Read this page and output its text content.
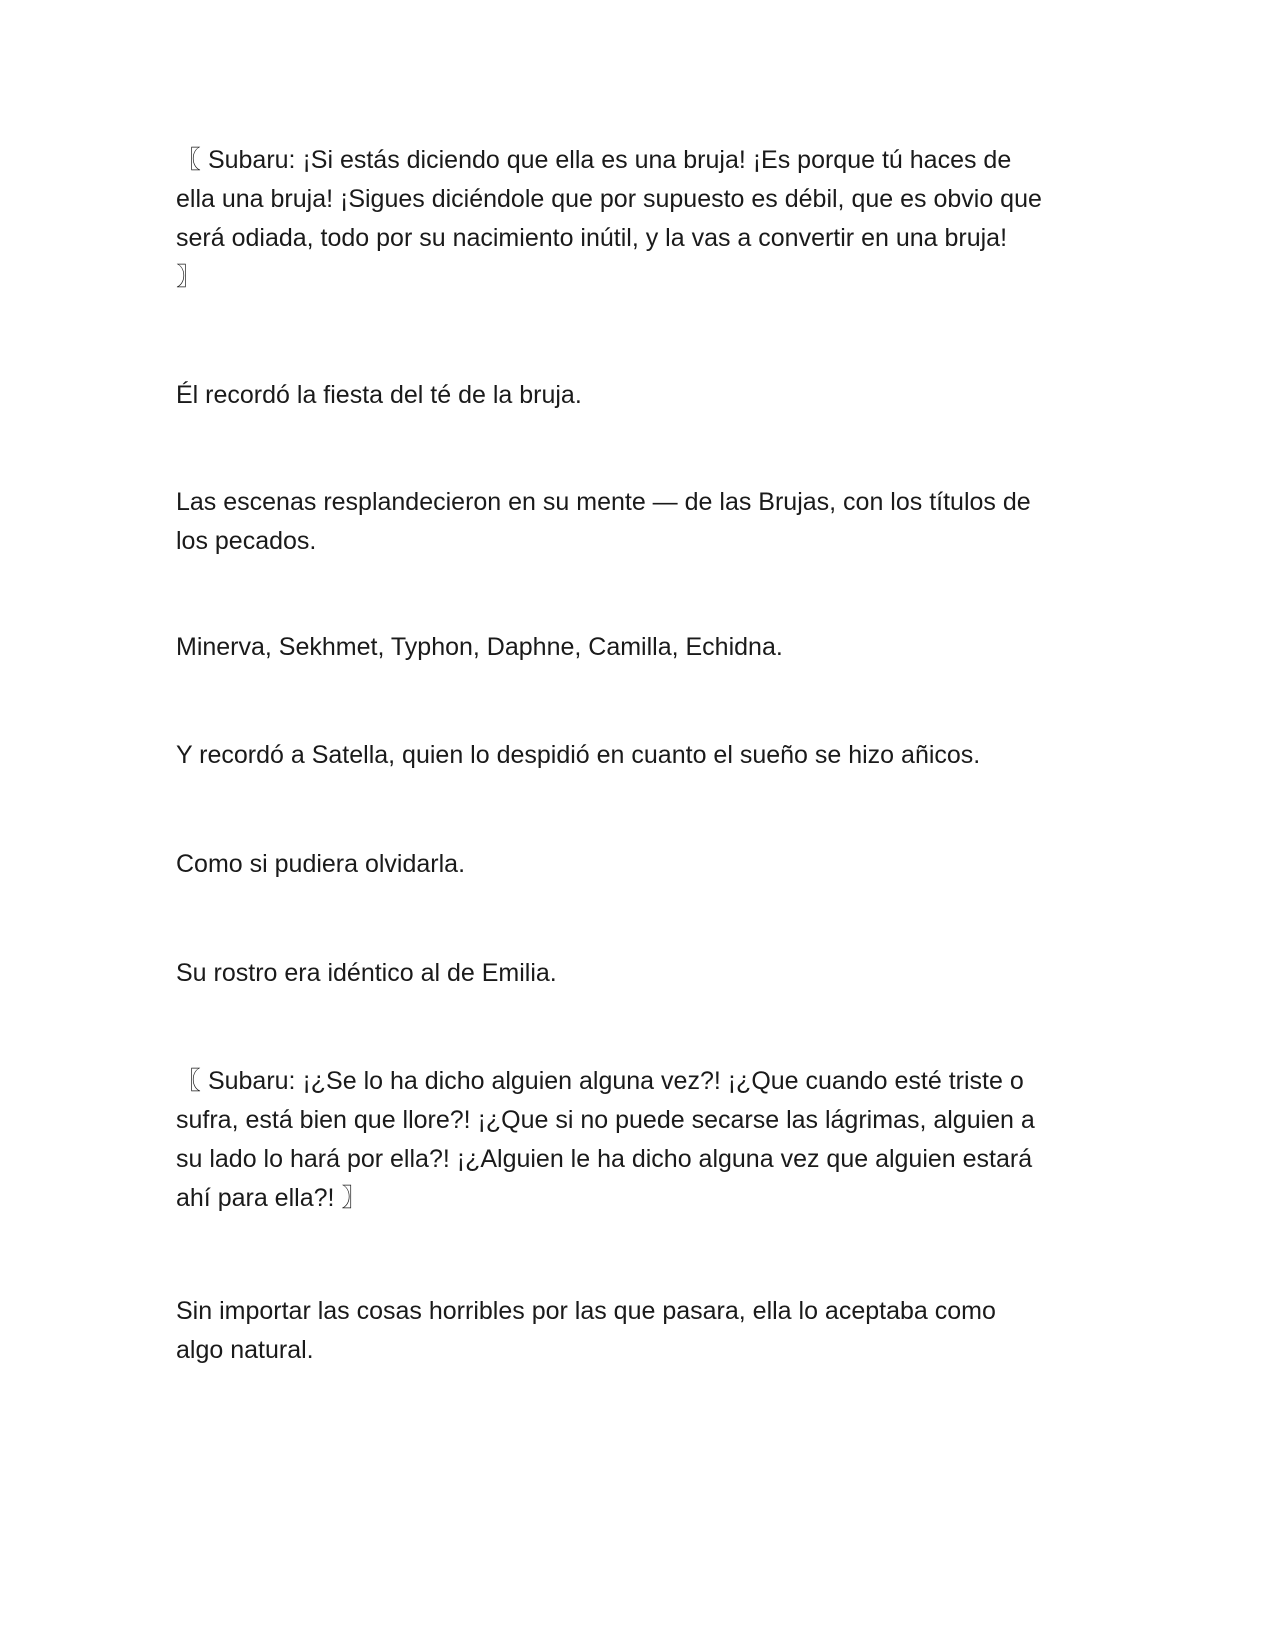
〖 Subaru: ¡Si estás diciendo que ella es una bruja! ¡Es porque tú haces de
ella una bruja! ¡Sigues diciéndole que por supuesto es débil, que es obvio que
será odiada, todo por su nacimiento inútil, y la vas a convertir en una bruja!
〗
Él recordó la fiesta del té de la bruja.
Las escenas resplandecieron en su mente — de las Brujas, con los títulos de
los pecados.
Minerva, Sekhmet, Typhon, Daphne, Camilla, Echidna.
Y recordó a Satella, quien lo despidió en cuanto el sueño se hizo añicos.
Como si pudiera olvidarla.
Su rostro era idéntico al de Emilia.
〖 Subaru: ¡¿Se lo ha dicho alguien alguna vez?! ¡¿Que cuando esté triste o
sufra, está bien que llore?! ¡¿Que si no puede secarse las lágrimas, alguien a
su lado lo hará por ella?! ¡¿Alguien le ha dicho alguna vez que alguien estará
ahí para ella?! 〗
Sin importar las cosas horribles por las que pasara, ella lo aceptaba como
algo natural.
